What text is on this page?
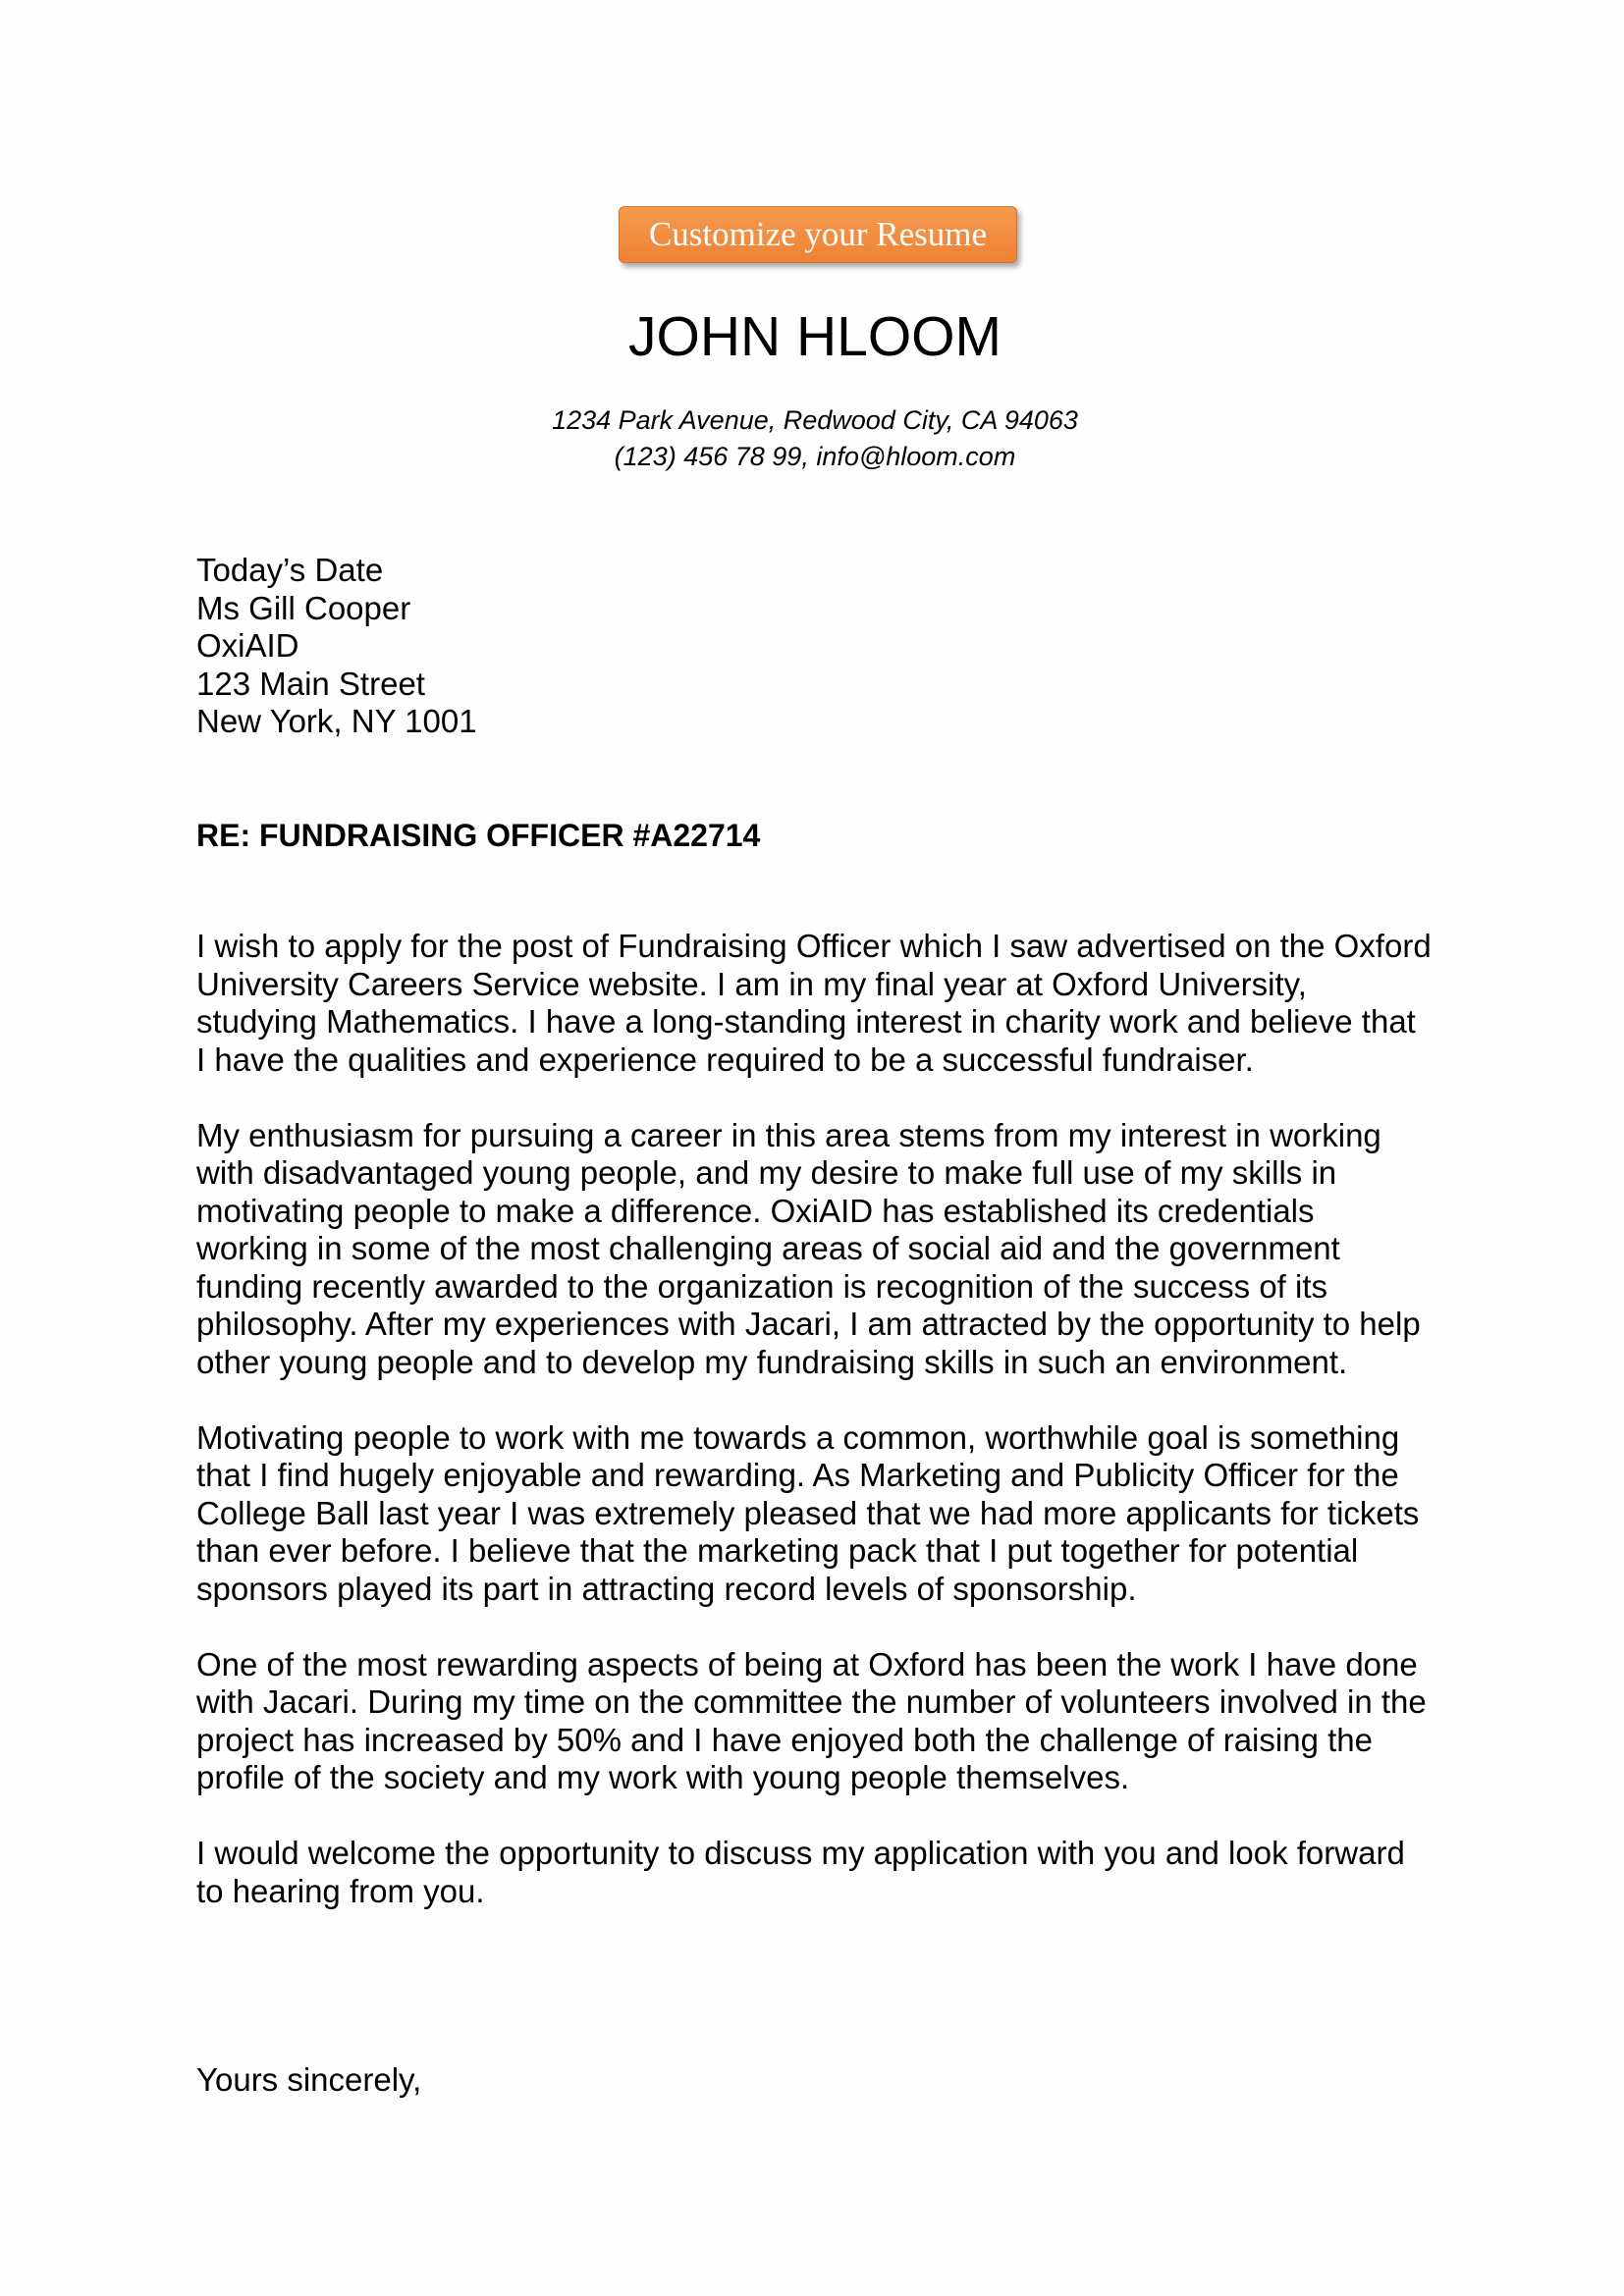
Customize your Resume
JOHN HLOOM
1234 Park Avenue, Redwood City, CA 94063
(123) 456 78 99, info@hloom.com
Today’s Date
Ms Gill Cooper
OxiAID
123 Main Street
New York, NY 1001
RE: FUNDRAISING OFFICER #A22714

I wish to apply for the post of Fundraising Officer which I saw advertised on the Oxford University Careers Service website. I am in my final year at Oxford University, studying Mathematics. I have a long-standing interest in charity work and believe that I have the qualities and experience required to be a successful fundraiser.

My enthusiasm for pursuing a career in this area stems from my interest in working with disadvantaged young people, and my desire to make full use of my skills in motivating people to make a difference. OxiAID has established its credentials working in some of the most challenging areas of social aid and the government funding recently awarded to the organization is recognition of the success of its philosophy. After my experiences with Jacari, I am attracted by the opportunity to help other young people and to develop my fundraising skills in such an environment.

Motivating people to work with me towards a common, worthwhile goal is something that I find hugely enjoyable and rewarding. As Marketing and Publicity Officer for the College Ball last year I was extremely pleased that we had more applicants for tickets than ever before. I believe that the marketing pack that I put together for potential sponsors played its part in attracting record levels of sponsorship.

One of the most rewarding aspects of being at Oxford has been the work I have done with Jacari. During my time on the committee the number of volunteers involved in the project has increased by 50% and I have enjoyed both the challenge of raising the profile of the society and my work with young people themselves.

I would welcome the opportunity to discuss my application with you and look forward to hearing from you.

Yours sincerely,
